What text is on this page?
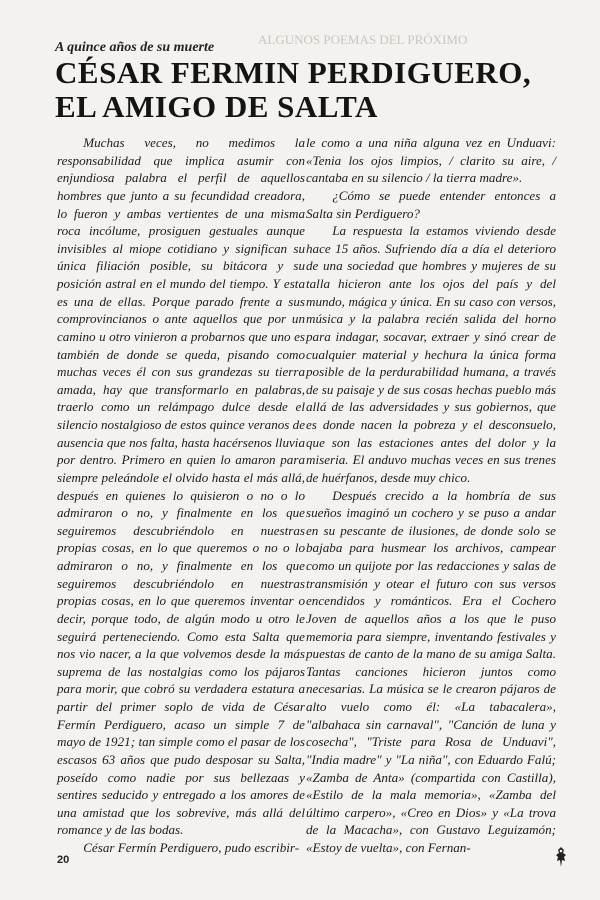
ALGUNOS POEMAS DEL PRÓXIMO
A quince años de su muerte
CÉSAR FERMIN PERDIGUERO,
EL AMIGO DE SALTA

Muchas veces, no medimos la responsabilidad que implica asumir con enjundiosa palabra el perfil de aquellos hombres que junto a su fecundidad creadora, lo fueron y ambas vertientes de una misma roca incólume, prosiguen gestuales aunque invisibles al miope cotidiano y significan su única filiación posible, su bitácora y su posición astral en el mundo del tiempo. Y esta es una de ellas. Porque parado frente a sus comprovincianos o ante aquellos que por un camino u otro vinieron a probarnos que uno es también de donde se queda, pisando como muchas veces él con sus grandezas su tierra amada, hay que transformarlo en palabras, traerlo como un relámpago dulce desde el silencio nostalgioso de estos quince veranos de ausencia que nos falta, hasta hacérsenos lluvia por dentro. Primero en quien lo amaron para siempre peleándole el olvido hasta el más allá, después en quienes lo quisieron o no o lo admiraron o no, y finalmente en los que seguiremos descubriéndolo en nuestras propias cosas, en lo que queremos o no o lo admiraron o no, y finalmente en los que seguiremos descubriéndolo en nuestras propias cosas, en lo que queremos inventar o decir, porque todo, de algún modo u otro le seguirá perteneciendo. Como esta Salta que nos vio nacer, a la que volvemos desde la más suprema de las nostalgias como los pájaros para morir, que cobró su verdadera estatura a partir del primer soplo de vida de César Fermín Perdiguero, acaso un simple 7 de mayo de 1921; tan simple como el pasar de los escasos 63 años que pudo desposar su Salta, poseído como nadie por sus bellezaas y sentires seducido y entregado a los amores de una amistad que los sobrevive, más allá del romance y de las bodas.

César Fermín Perdiguero, pudo escribir-

le como a una niña alguna vez en Unduavi: «Tenia los ojos limpios, / clarito su aire, / cantaba en su silencio / la tierra madre».

¿Cómo se puede entender entonces a Salta sin Perdiguero?

La respuesta la estamos viviendo desde hace 15 años. Sufriendo día a día el deterioro de una sociedad que hombres y mujeres de su talla hicieron ante los ojos del país y del mundo, mágica y única. En su caso con versos, música y la palabra recién salida del horno para indagar, socavar, extraer y sinó crear de cualquier material y hechura la única forma posible de la perdurabilidad humana, a través de su paisaje y de sus cosas hechas pueblo más allá de las adversidades y sus gobiernos, que es donde nacen la pobreza y el desconsuelo, que son las estaciones antes del dolor y la miseria. El anduvo muchas veces en sus trenes de huérfanos, desde muy chico.

Después crecido a la hombría de sus sueños imaginó un cochero y se puso a andar en su pescante de ilusiones, de donde solo se bajaba para husmear los archivos, campear como un quijote por las redacciones y salas de transmisión y otear el futuro con sus versos encendidos y románticos. Era el Cochero Joven de aquellos años a los que le puso memoria para siempre, inventando festivales y puestas de canto de la mano de su amiga Salta. Tantas canciones hicieron juntos como necesarias. La música se le crearon pájaros de alto vuelo como él: «La tabacalera», "albahaca sin carnaval", "Canción de luna y cosecha", "Triste para Rosa de Unduavi", "India madre" y "La niña", con Eduardo Falú; «Zamba de Anta» (compartida con Castilla), «Estilo de la mala memoria», «Zamba del último carpero», «Creo en Dios» y «La trova de la Macacha», con Gustavo Leguizamón; «Estoy de vuelta», con Fernan-

20
